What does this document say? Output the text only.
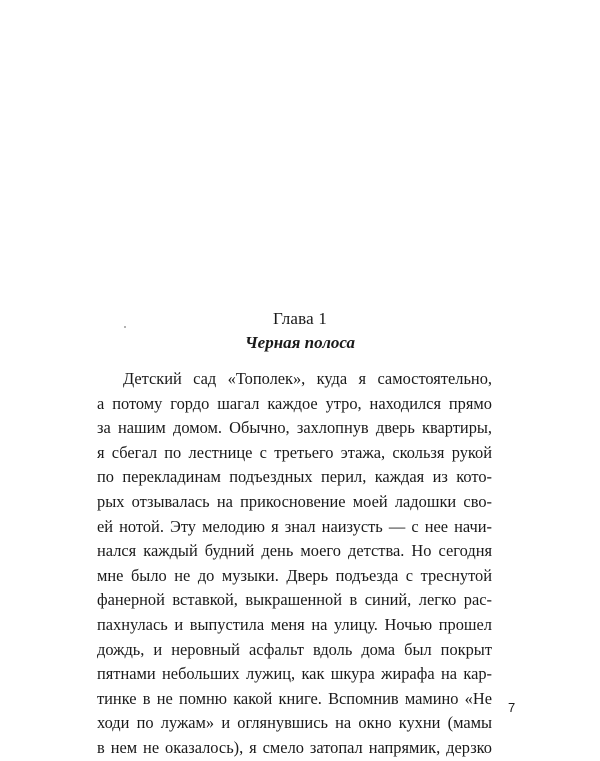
Глава 1
Черная полоса
Детский сад «Тополек», куда я самостоятельно,
а потому гордо шагал каждое утро, находился прямо
за нашим домом. Обычно, захлопнув дверь квартиры,
я сбегал по лестнице с третьего этажа, скользя рукой
по перекладинам подъездных перил, каждая из кото-
рых отзывалась на прикосновение моей ладошки сво-
ей нотой. Эту мелодию я знал наизусть — с нее начи-
нался каждый будний день моего детства. Но сегодня
мне было не до музыки. Дверь подъезда с треснутой
фанерной вставкой, выкрашенной в синий, легко рас-
пахнулась и выпустила меня на улицу. Ночью прошел
дождь, и неровный асфальт вдоль дома был покрыт
пятнами небольших лужиц, как шкура жирафа на кар-
тинке в не помню какой книге. Вспомнив мамино «Не
ходи по лужам» и оглянувшись на окно кухни (мамы
в нем не оказалось), я смело затопал напрямик, дерзко
7
